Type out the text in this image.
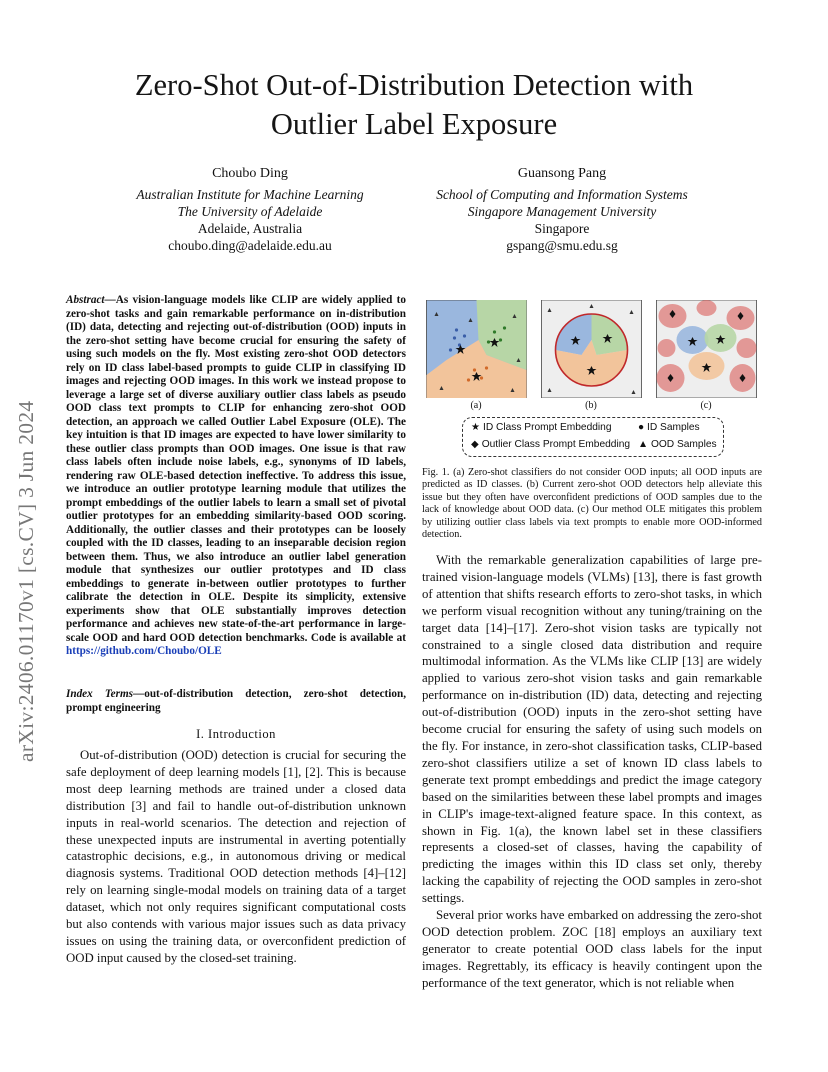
arXiv:2406.01170v1 [cs.CV] 3 Jun 2024
Zero-Shot Out-of-Distribution Detection with
Outlier Label Exposure
Choubo Ding
Australian Institute for Machine Learning
The University of Adelaide
Adelaide, Australia
choubo.ding@adelaide.edu.au
Guansong Pang
School of Computing and Information Systems
Singapore Management University
Singapore
gspang@smu.edu.sg
Abstract—As vision-language models like CLIP are widely applied to zero-shot tasks and gain remarkable performance on in-distribution (ID) data, detecting and rejecting out-of-distribution (OOD) inputs in the zero-shot setting have become crucial for ensuring the safety of using such models on the fly. Most existing zero-shot OOD detectors rely on ID class label-based prompts to guide CLIP in classifying ID images and rejecting OOD images. In this work we instead propose to leverage a large set of diverse auxiliary outlier class labels as pseudo OOD class text prompts to CLIP for enhancing zero-shot OOD detection, an approach we called Outlier Label Exposure (OLE). The key intuition is that ID images are expected to have lower similarity to these outlier class prompts than OOD images. One issue is that raw class labels often include noise labels, e.g., synonyms of ID labels, rendering raw OLE-based detection ineffective. To address this issue, we introduce an outlier prototype learning module that utilizes the prompt embeddings of the outlier labels to learn a small set of pivotal outlier prototypes for an embedding similarity-based OOD scoring. Additionally, the outlier classes and their prototypes can be loosely coupled with the ID classes, leading to an inseparable decision region between them. Thus, we also introduce an outlier label generation module that synthesizes our outlier prototypes and ID class embeddings to generate in-between outlier prototypes to further calibrate the detection in OLE. Despite its simplicity, extensive experiments show that OLE substantially improves detection performance and achieves new state-of-the-art performance in large-scale OOD and hard OOD detection benchmarks. Code is available at https://github.com/Choubo/OLE
Index Terms—out-of-distribution detection, zero-shot detection, prompt engineering
I. Introduction

Out-of-distribution (OOD) detection is crucial for securing the safe deployment of deep learning models [1], [2]. This is because most deep learning methods are trained under a closed data distribution [3] and fail to handle out-of-distribution unknown inputs in real-world scenarios. The detection and rejection of these unexpected inputs are instrumental in averting potentially catastrophic decisions, e.g., in autonomous driving or medical diagnosis systems. Traditional OOD detection methods [4]–[12] rely on learning single-modal models on training data of a target dataset, which not only requires significant computational costs but also contends with various major issues such as data privacy issues on using the training data, or overconfident prediction of OOD input caused by the closed-set training.

(a)	(b)	(c)
★ ID Class Prompt Embedding
◆ Outlier Class Prompt Embedding
● ID Samples
▲ OOD Samples
Fig. 1. (a) Zero-shot classifiers do not consider OOD inputs; all OOD inputs are predicted as ID classes. (b) Current zero-shot OOD detectors help alleviate this issue but they often have overconfident predictions of OOD samples due to the lack of knowledge about OOD data. (c) Our method OLE mitigates this problem by utilizing outlier class labels via text prompts to enable more OOD-informed detection.

With the remarkable generalization capabilities of large pre-trained vision-language models (VLMs) [13], there is fast growth of attention that shifts research efforts to zero-shot tasks, in which we perform visual recognition without any tuning/training on the target data [14]–[17]. Zero-shot vision tasks are typically not constrained to a single closed data distribution and require multimodal information. As the VLMs like CLIP [13] are widely applied to various zero-shot vision tasks and gain remarkable performance on in-distribution (ID) data, detecting and rejecting out-of-distribution (OOD) inputs in the zero-shot setting have become crucial for ensuring the safety of using such models on the fly. For instance, in zero-shot classification tasks, CLIP-based zero-shot classifiers utilize a set of known ID class labels to generate text prompt embeddings and predict the image category based on the similarities between these label prompts and images in CLIP's image-text-aligned feature space. In this context, as shown in Fig. 1(a), the known label set in these classifiers represents a closed-set of classes, having the capability of predicting the images within this ID class set only, thereby lacking the capability of rejecting the OOD samples in zero-shot settings.

Several prior works have embarked on addressing the zero-shot OOD detection problem. ZOC [18] employs an auxiliary text generator to create potential OOD class labels for the input images. Regrettably, its efficacy is heavily contingent upon the performance of the text generator, which is not reliable when
